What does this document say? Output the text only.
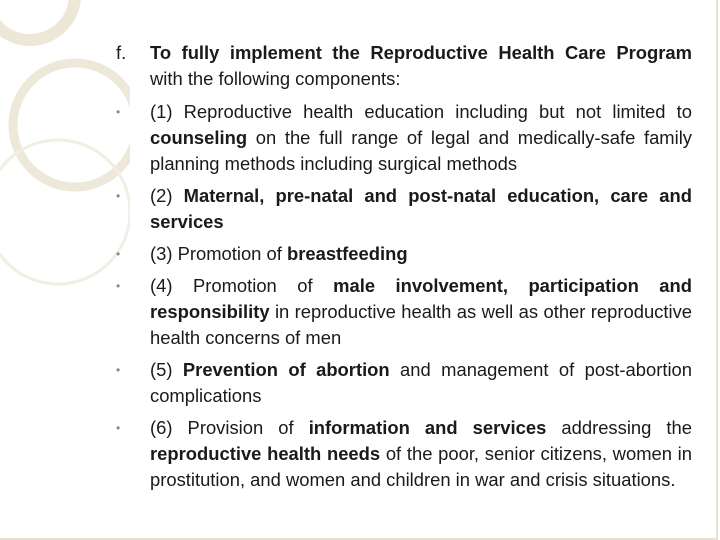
f.	To fully implement the Reproductive Health Care Program with the following components:
• (1) Reproductive health education including but not limited to counseling on the full range of legal and medically-safe family planning methods including surgical methods
• (2) Maternal, pre-natal and post-natal education, care and services
• (3) Promotion of breastfeeding
• (4) Promotion of male involvement, participation and responsibility in reproductive health as well as other reproductive health concerns of men
• (5) Prevention of abortion and management of post-abortion complications
• (6) Provision of information and services addressing the reproductive health needs of the poor, senior citizens, women in prostitution, and women and children in war and crisis situations.
